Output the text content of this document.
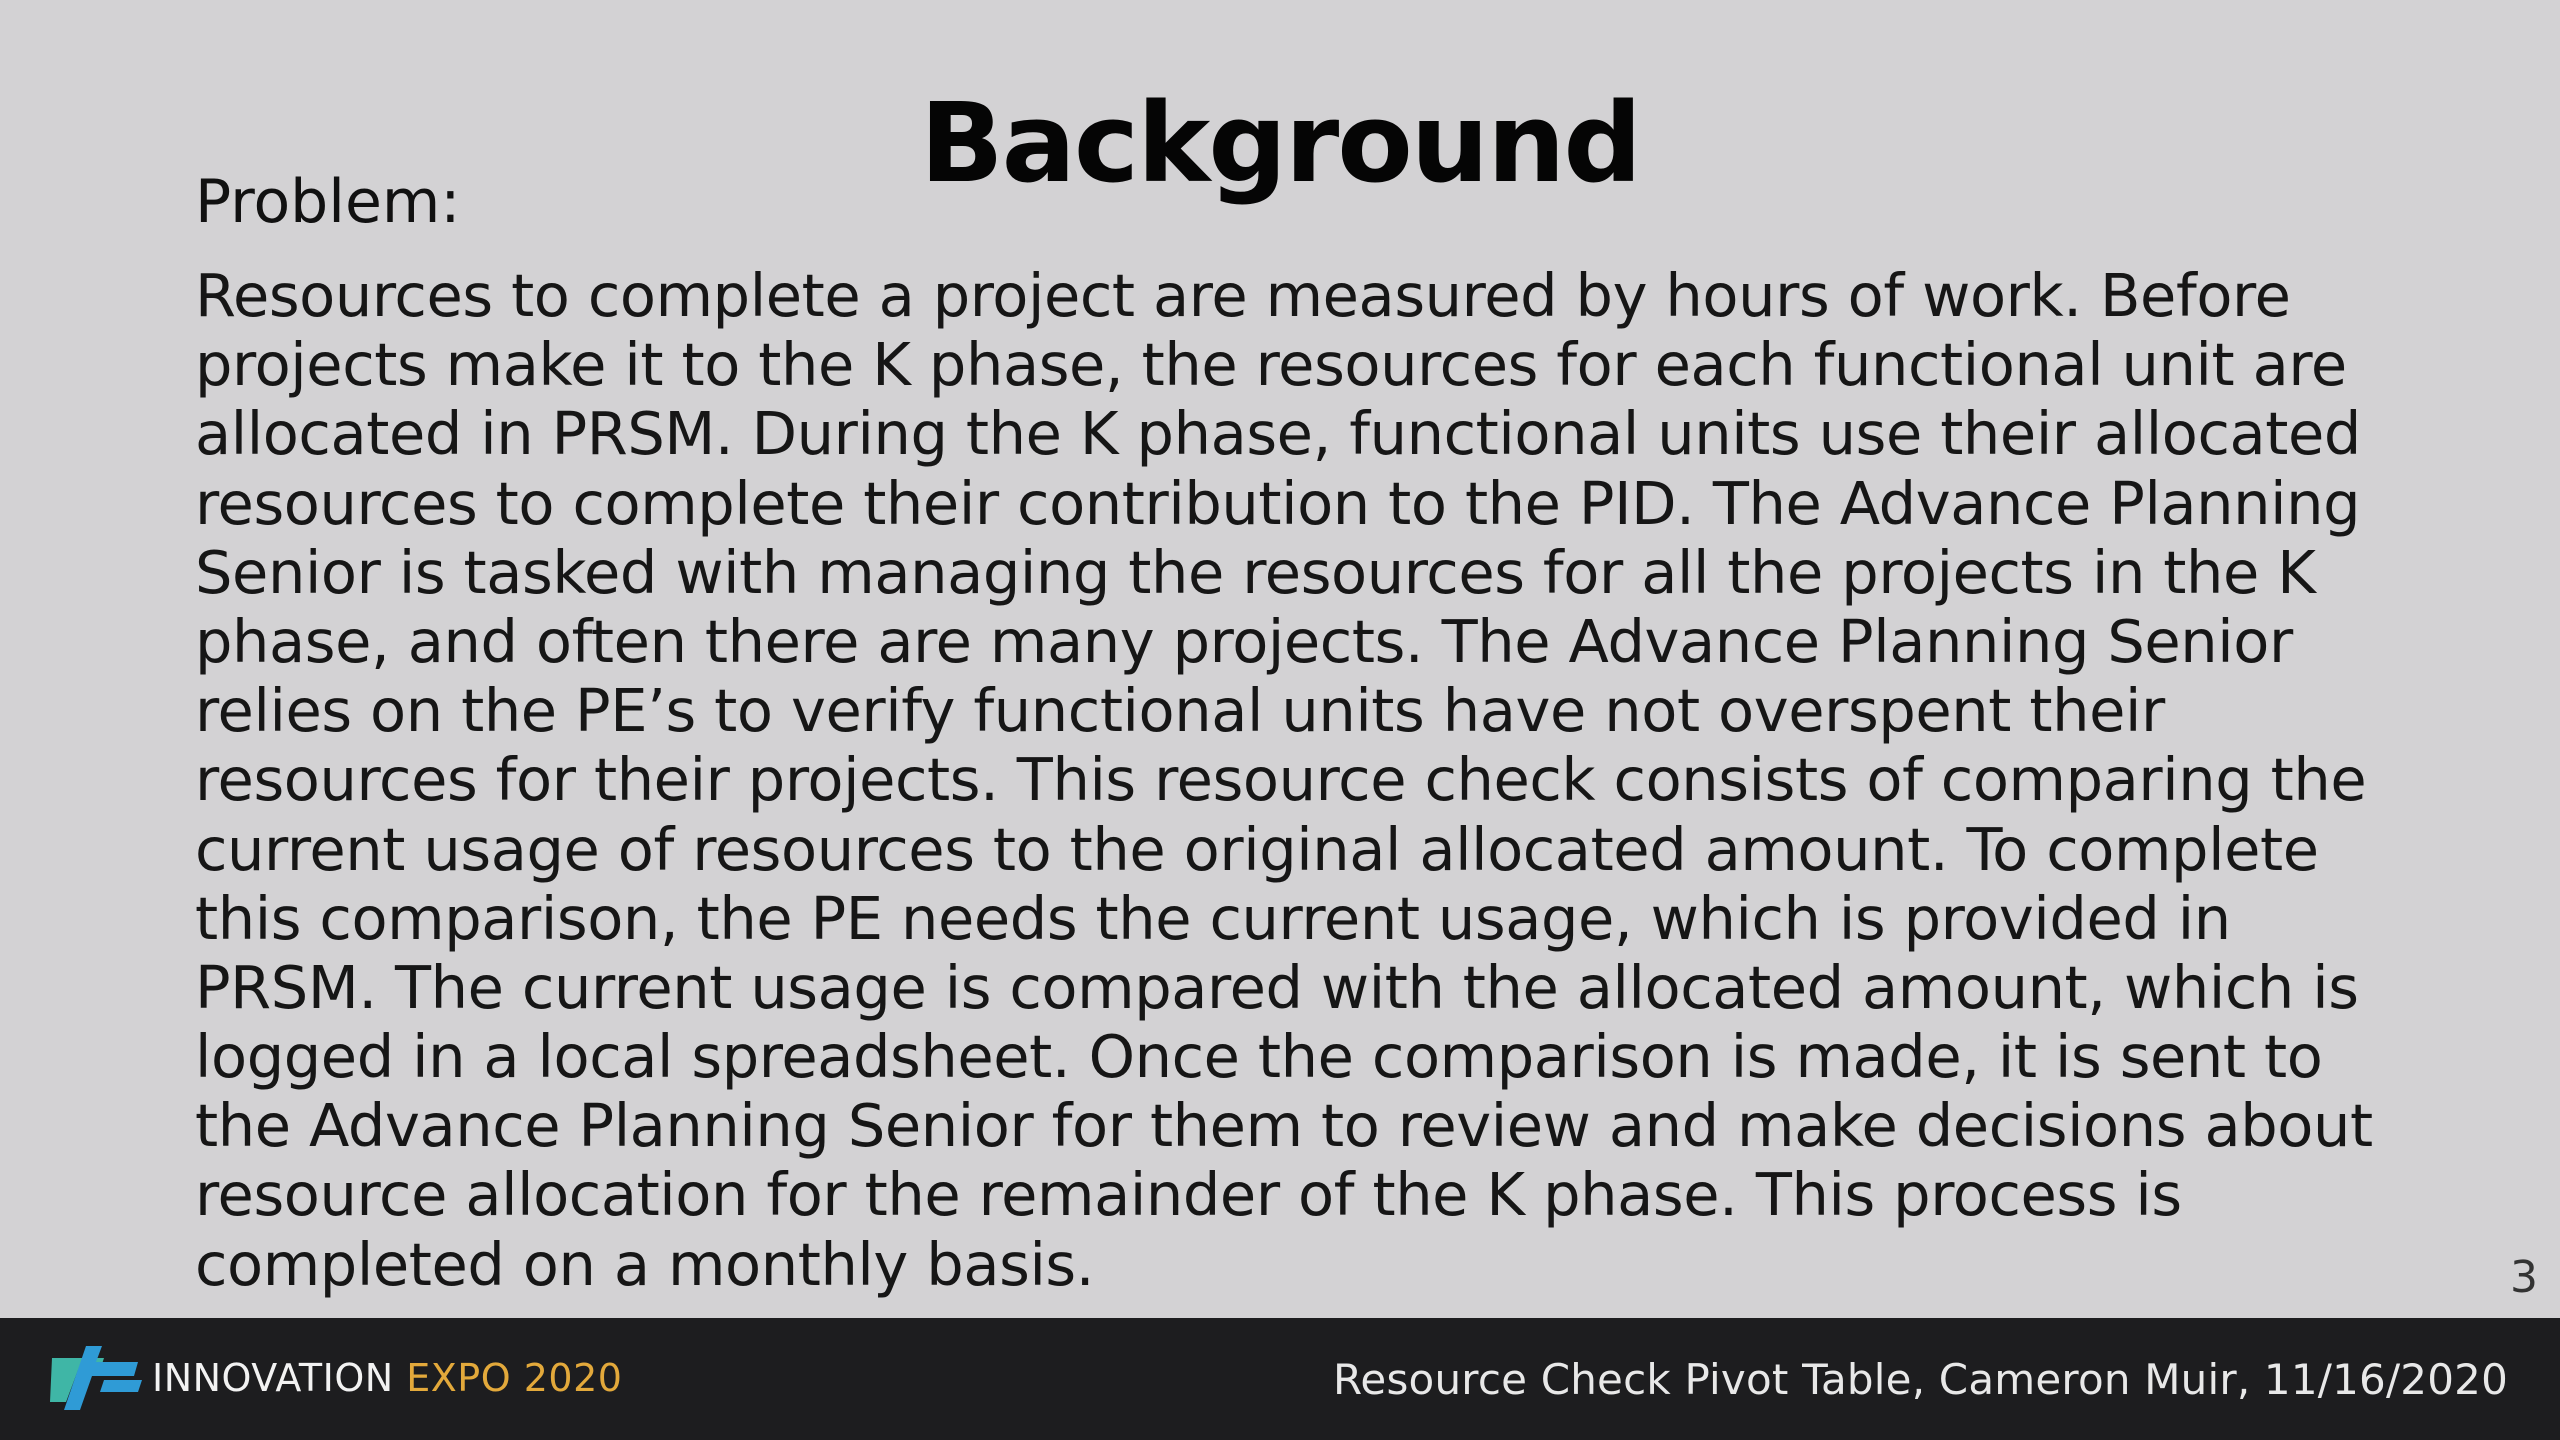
Background
Problem:
Resources to complete a project are measured by hours of work. Before
projects make it to the K phase, the resources for each functional unit are
allocated in PRSM. During the K phase, functional units use their allocated
resources to complete their contribution to the PID. The Advance Planning
Senior is tasked with managing the resources for all the projects in the K
phase, and often there are many projects. The Advance Planning Senior
relies on the PE’s to verify functional units have not overspent their
resources for their projects. This resource check consists of comparing the
current usage of resources to the original allocated amount. To complete
this comparison, the PE needs the current usage, which is provided in
PRSM. The current usage is compared with the allocated amount, which is
logged in a local spreadsheet. Once the comparison is made, it is sent to
the Advance Planning Senior for them to review and make decisions about
resource allocation for the remainder of the K phase. This process is
completed on a monthly basis.	3
INNOVATION EXPO 2020	Resource Check Pivot Table, Cameron Muir, 11/16/2020
